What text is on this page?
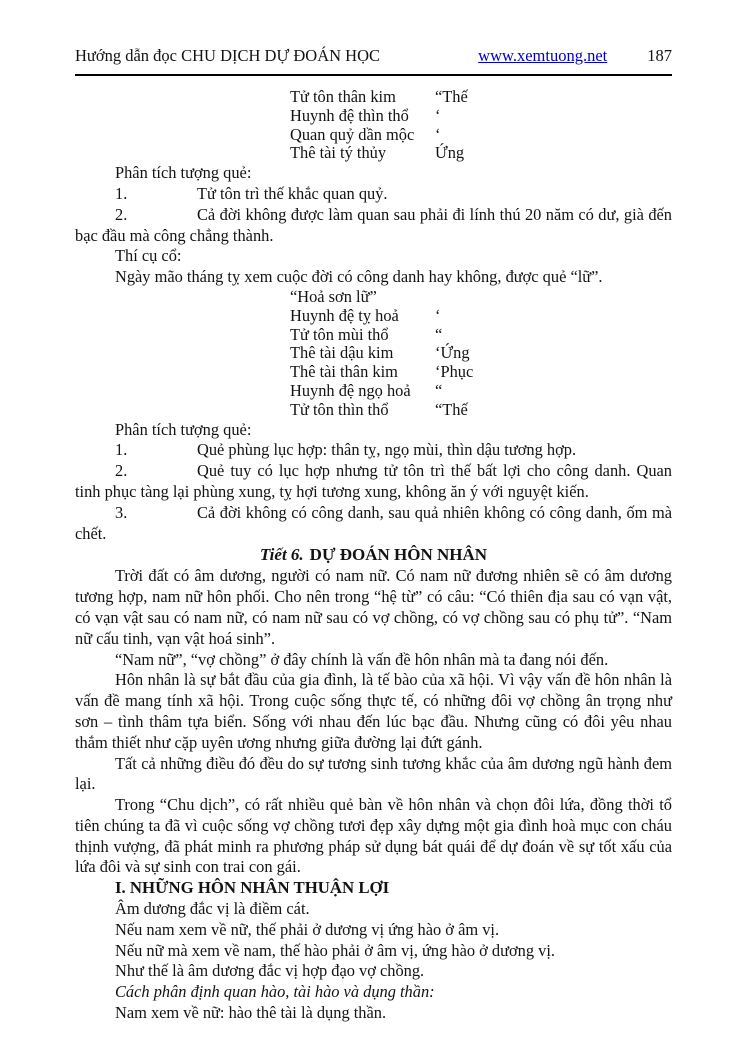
Hướng dẫn đọc CHU DỊCH DỰ ĐOÁN HỌC	www.xemtuong.net 187
Tử tôn thân kim	“Thế
Huynh đệ thìn thổ	‘
Quan quỷ dần mộc	‘
Thê tài tý thủy	Ứng

Phân tích tượng quẻ:

1.	Tử tôn trì thế khắc quan quỷ.

2.	Cả đời không được làm quan sau phải đi lính thú 20 năm có dư, già đến bạc đầu mà công chẳng thành.

Thí cụ cổ:

Ngày mão tháng tỵ xem cuộc đời có công danh hay không, được quẻ “lữ”.

“Hoả sơn lữ”
Huynh đệ tỵ hoả	‘
Tử tôn mùi thổ	“
Thê tài dậu kim	‘Ứng
Thê tài thân kim	‘Phục
Huynh đệ ngọ hoả	“
Tử tôn thìn thổ	“Thế

Phân tích tượng quẻ:

1.	Quẻ phùng lục hợp: thân tỵ, ngọ mùi, thìn dậu tương hợp.

2.	Quẻ tuy có lục hợp nhưng tử tôn trì thế bất lợi cho công danh. Quan tinh phục tàng lại phùng xung, tỵ hợi tương xung, không ăn ý với nguyệt kiến.

3.	Cả đời không có công danh, sau quả nhiên không có công danh, ốm mà chết.

Tiết 6. DỰ ĐOÁN HÔN NHÂN

Trời đất có âm dương, người có nam nữ. Có nam nữ đương nhiên sẽ có âm dương tương hợp, nam nữ hôn phối. Cho nên trong “hệ từ” có câu: “Có thiên địa sau có vạn vật, có vạn vật sau có nam nữ, có nam nữ sau có vợ chồng, có vợ chồng sau có phụ tử”. “Nam nữ cấu tinh, vạn vật hoá sinh”.

“Nam nữ”, “vợ chồng” ở đây chính là vấn đề hôn nhân mà ta đang nói đến.

Hôn nhân là sự bắt đầu của gia đình, là tế bào của xã hội. Vì vậy vấn đề hôn nhân là vấn đề mang tính xã hội. Trong cuộc sống thực tế, có những đôi vợ chồng ân trọng như sơn – tình thâm tựa biển. Sống với nhau đến lúc bạc đầu. Nhưng cũng có đôi yêu nhau thắm thiết như cặp uyên ương nhưng giữa đường lại đứt gánh.

Tất cả những điều đó đều do sự tương sinh tương khắc của âm dương ngũ hành đem lại.

Trong “Chu dịch”, có rất nhiều quẻ bàn về hôn nhân và chọn đôi lứa, đồng thời tổ tiên chúng ta đã vì cuộc sống vợ chồng tươi đẹp xây dựng một gia đình hoà mục con cháu thịnh vượng, đã phát minh ra phương pháp sử dụng bát quái để dự đoán về sự tốt xấu của lứa đôi và sự sinh con trai con gái.

I. NHỮNG HÔN NHÂN THUẬN LỢI

Âm dương đắc vị là điềm cát.

Nếu nam xem về nữ, thế phải ở dương vị ứng hào ở âm vị.

Nếu nữ mà xem về nam, thế hào phải ở âm vị, ứng hào ở dương vị.

Như thế là âm dương đắc vị hợp đạo vợ chồng.

Cách phân định quan hào, tài hào và dụng thần:

Nam xem về nữ: hào thê tài là dụng thần.
